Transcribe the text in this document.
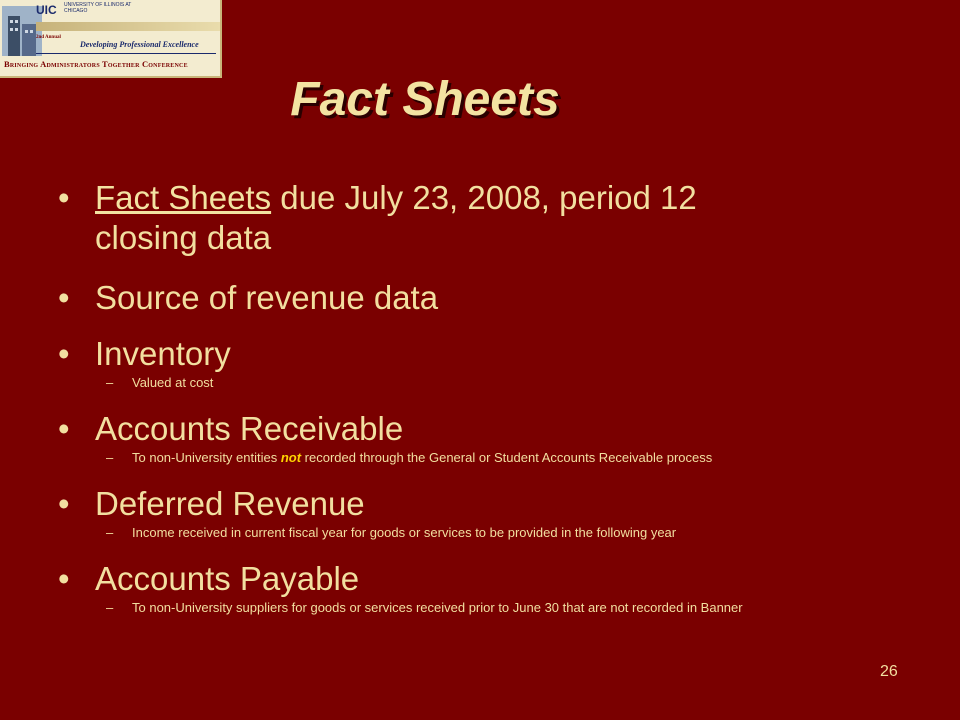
UIC UNIVERSITY OF ILLINOIS AT CHICAGO
2nd Annual
Developing Professional Excellence
Bringing Administrators Together Conference
Fact Sheets
• Fact Sheets due July 23, 2008, period 12
closing data
• Source of revenue data
• Inventory
–	Valued at cost
• Accounts Receivable
–	To non-University entities not recorded through the General or Student Accounts Receivable process
• Deferred Revenue
–	Income received in current fiscal year for goods or services to be provided in the following year
• Accounts Payable
–	To non-University suppliers for goods or services received prior to June 30 that are not recorded in Banner
26
